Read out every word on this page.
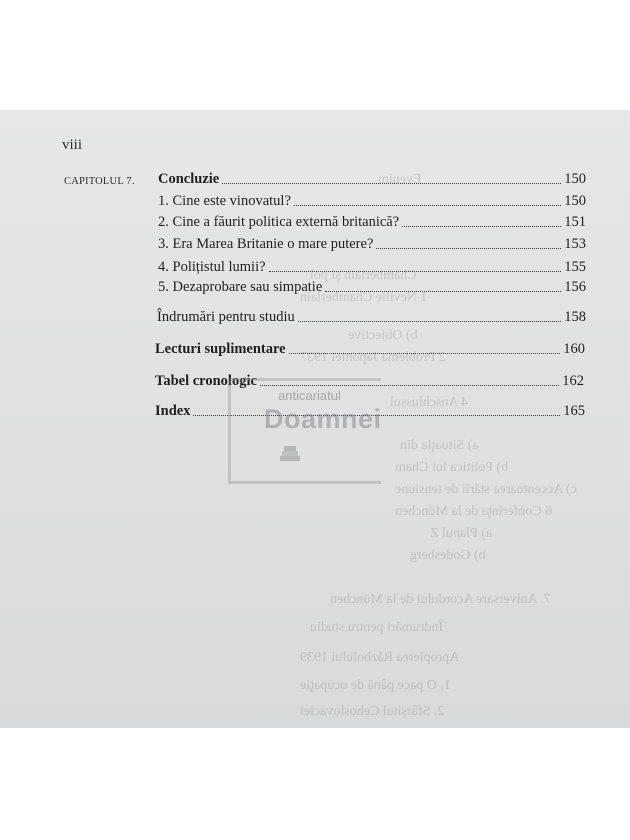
Evenim
Chamberlain şi pol
1 Neville Chamberlain
b) Obiective
2 Problema Japoniei 1937
4 Anschlussul
a) Situaţia din
b) Politica lui Cham
c) Accentuarea stării de tensiune
6 Conferinţa de la München
a) Planul Z
b) Godesberg
7. Aniversare Acordului de la München
Îndrumări pentru studiu
Apropierea Războiului 1939
1. O pace până de ocupaţie
2. Sfârşitul Cehoslovaciei
viii
CAPITOLUL 7. Concluzie	150
1. Cine este vinovatul?	150
2. Cine a făurit politica externă britanică?	151
3. Era Marea Britanie o mare putere?	153
4. Polițistul lumii?	155
5. Dezaprobare sau simpatie	156
Îndrumări pentru studiu	158
Lecturi suplimentare	160
Tabel cronologic	162
Index	165
anticariatul
Doamnei
